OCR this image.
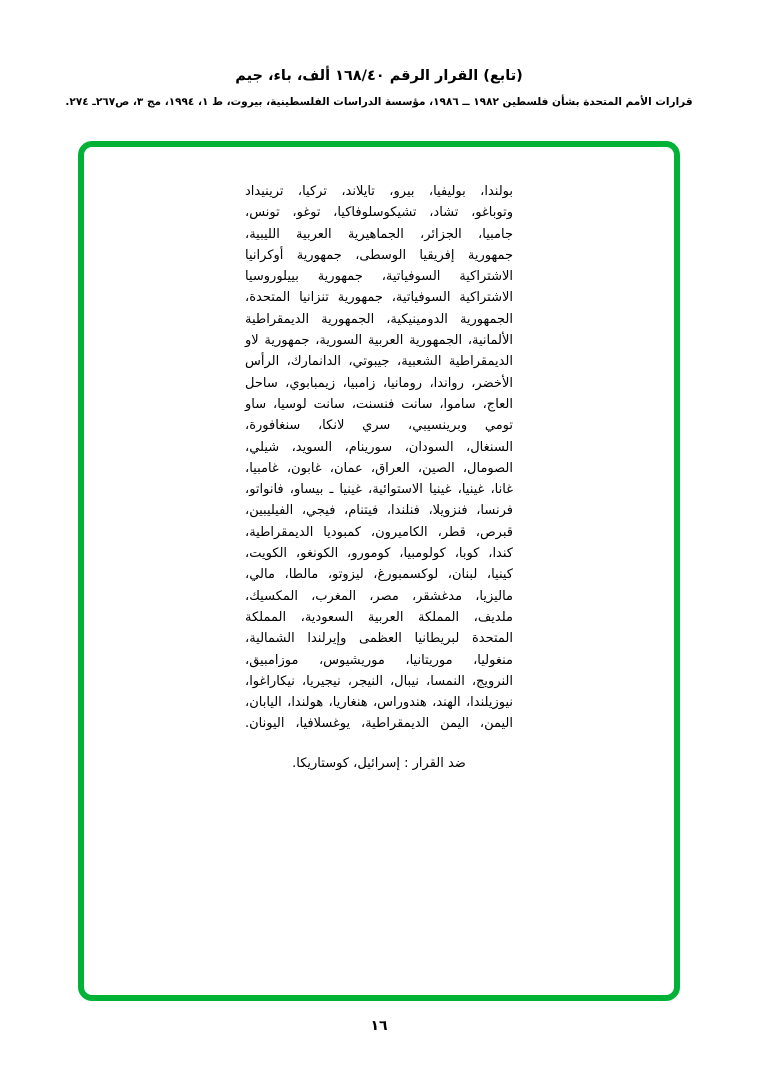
(تابع) القرار الرقم ١٦٨/٤٠ ألف، باء، جيم
قرارات الأمم المتحدة بشأن فلسطين ١٩٨٢ ــ ١٩٨٦، مؤسسة الدراسات الفلسطينية، بيروت، ط ١، ١٩٩٤، مج ٣، ص٢٦٧ـ ٢٧٤.
بولندا، بوليفيا، بيرو، تايلاند، تركيا، ترينيداد وتوباغو، تشاد، تشيكوسلوفاكيا، توغو، تونس، جامبيا، الجزائر، الجماهيرية العربية الليبية، جمهورية إفريقيا الوسطى، جمهورية أوكرانيا الاشتراكية السوفياتية، جمهورية بييلوروسيا الاشتراكية السوفياتية، جمهورية تنزانيا المتحدة، الجمهورية الدومينيكية، الجمهورية الديمقراطية الألمانية، الجمهورية العربية السورية، جمهورية لاو الديمقراطية الشعبية، جيبوتي، الدانمارك، الرأس الأخضر، رواندا، رومانيا، زامبيا، زيمبابوي، ساحل العاج، ساموا، سانت فنسنت، سانت لوسيا، ساو تومي وبرينسيبي، سري لانكا، سنغافورة، السنغال، السودان، سورينام، السويد، شيلي، الصومال، الصين، العراق، عمان، غابون، غامبيا، غانا، غينيا، غينيا الاستوائية، غينيا ـ بيساو، فانواتو، فرنسا، فنزويلا، فنلندا، فيتنام، فيجي، الفيليبين، قبرص، قطر، الكاميرون، كمبوديا الديمقراطية، كندا، كوبا، كولومبيا، كومورو، الكونغو، الكويت، كينيا، لبنان، لوكسمبورغ، ليزوتو، مالطا، مالي، ماليزيا، مدغشقر، مصر، المغرب، المكسيك، ملديف، المملكة العربية السعودية، المملكة المتحدة لبريطانيا العظمى وإيرلندا الشمالية، منغوليا، موريتانيا، موريشيوس، موزامبيق، النرويج، النمسا، نيبال، النيجر، نيجيريا، نيكاراغوا، نيوزيلندا، الهند، هندوراس، هنغاريا، هولندا، اليابان، اليمن، اليمن الديمقراطية، يوغسلافيا، اليونان.
ضد القرار : إسرائيل، كوستاريكا.
١٦
